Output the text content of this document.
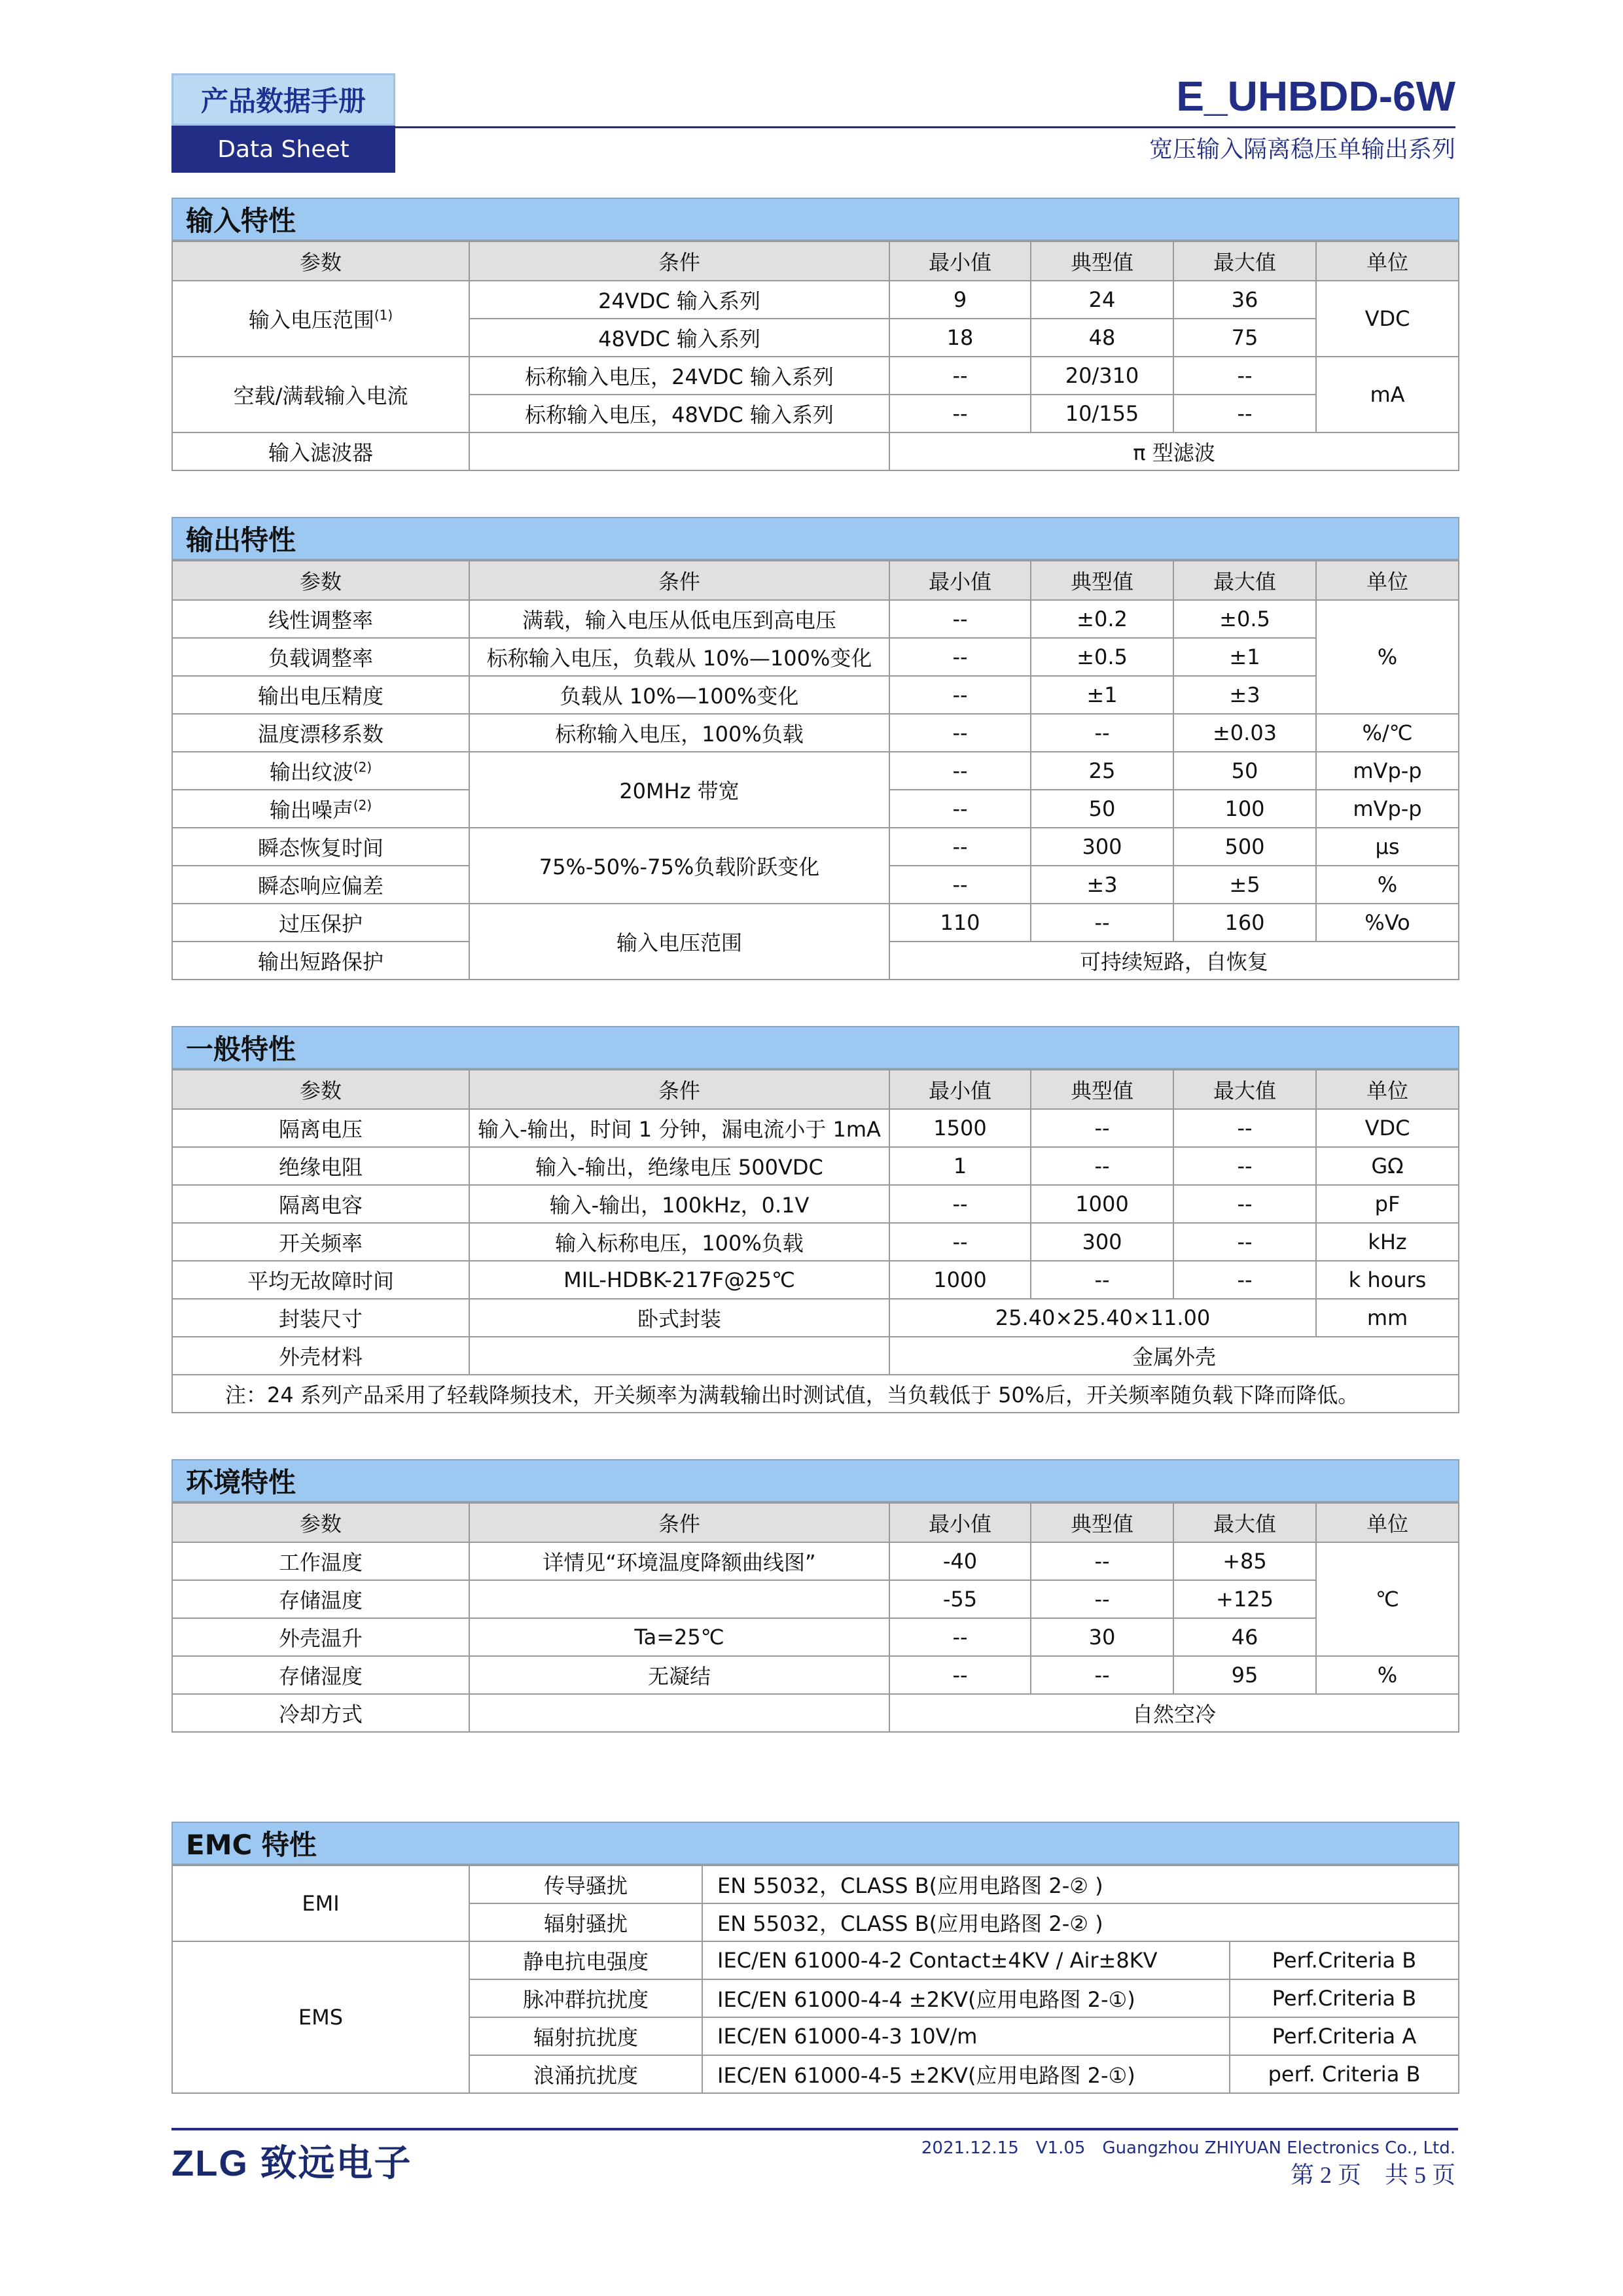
产品数据手册
Data Sheet
E_UHBDD-6W
宽压输入隔离稳压单输出系列
输入特性
参数	条件	最小值	典型值	最大值	单位
输入电压范围$^{(1)}$	24VDC 输入系列	9	24	36	VDC
	48VDC 输入系列	18	48	75	
空载/满载输入电流	标称输入电压，24VDC 输入系列	--	20/310	--	mA
	标称输入电压，48VDC 输入系列	--	10/155	--	
输入滤波器		π 型滤波			
输出特性
参数	条件	最小值	典型值	最大值	单位
线性调整率	满载，输入电压从低电压到高电压	--	±0.2	±0.5	%
负载调整率	标称输入电压，负载从 10%—100%变化	--	±0.5	±1	
输出电压精度	负载从 10%—100%变化	--	±1	±3	
温度漂移系数	标称输入电压，100%负载	--	--	±0.03	%/℃
输出纹波$^{(2)}$	20MHz 带宽	--	25	50	mVp-p
输出噪声$^{(2)}$		--	50	100	mVp-p
瞬态恢复时间	75%-50%-75%负载阶跃变化	--	300	500	μs
瞬态响应偏差		--	±3	±5	%
过压保护	输入电压范围	110	--	160	%Vo
输出短路保护		可持续短路，自恢复			
一般特性
参数	条件	最小值	典型值	最大值	单位
隔离电压	输入-输出，时间 1 分钟，漏电流小于 1mA	1500	--	--	VDC
绝缘电阻	输入-输出，绝缘电压 500VDC	1	--	--	GΩ
隔离电容	输入-输出，100kHz，0.1V	--	1000	--	pF
开关频率	输入标称电压，100%负载	--	300	--	kHz
平均无故障时间	MIL-HDBK-217F@25℃	1000	--	--	k hours
封装尺寸	卧式封装	25.40×25.40×11.00			mm
外壳材料		金属外壳			
注：24 系列产品采用了轻载降频技术，开关频率为满载输出时测试值，当负载低于 50%后，开关频率随负载下降而降低。					
环境特性
参数	条件	最小值	典型值	最大值	单位
工作温度	详情见“环境温度降额曲线图”	-40	--	+85	℃
存储温度		-55	--	+125	
外壳温升	Ta=25℃	--	30	46	
存储湿度	无凝结	--	--	95	%
冷却方式		自然空冷			
EMC 特性
EMI	传导骚扰	EN 55032，CLASS B(应用电路图 2-② )	
	辐射骚扰	EN 55032，CLASS B(应用电路图 2-② )	
EMS	静电抗电强度	IEC/EN 61000-4-2 Contact±4KV / Air±8KV	Perf.Criteria B
	脉冲群抗扰度	IEC/EN 61000-4-4 ±2KV(应用电路图 2-①)	Perf.Criteria B
	辐射抗扰度	IEC/EN 61000-4-3 10V/m	Perf.Criteria A
	浪涌抗扰度	IEC/EN 61000-4-5 ±2KV(应用电路图 2-①)	perf. Criteria B
ZLG 致远电子	2021.12.15　V1.05　Guangzhou ZHIYUAN Electronics Co., Ltd.
第 2 页　共 5 页
